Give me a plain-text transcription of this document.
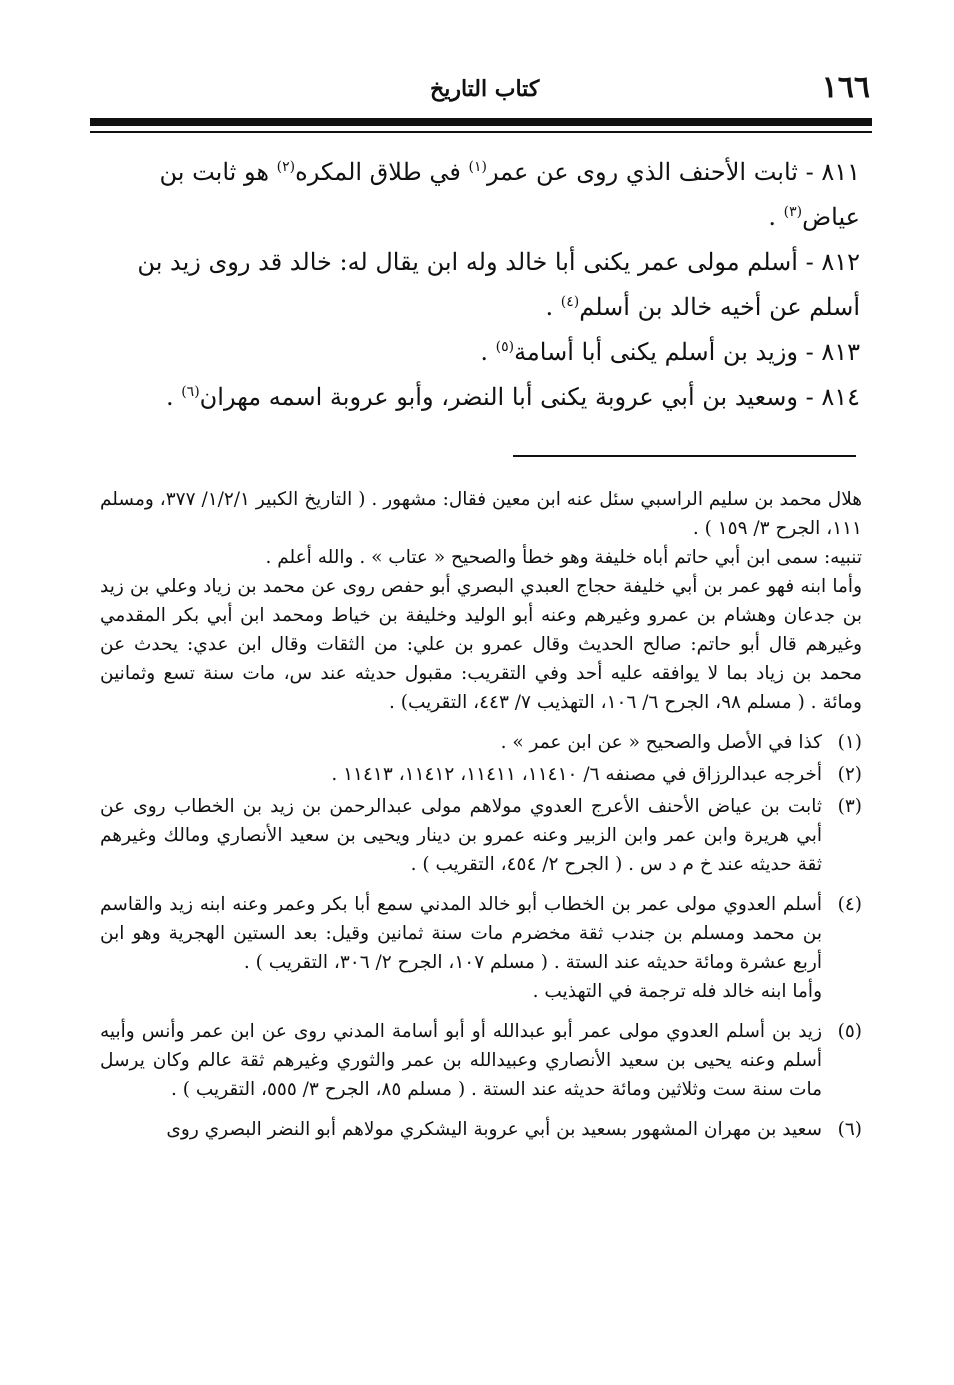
١٦٦
كتاب التاريخ

٨١١ - ثابت الأحنف الذي روى عن عمر$^{(١)}$ في طلاق المكره$^{(٢)}$ هو ثابت بن عياض$^{(٣)}$ .

٨١٢ - أسلم مولى عمر يكنى أبا خالد وله ابن يقال له: خالد قد روى زيد بن أسلم عن أخيه خالد بن أسلم$^{(٤)}$ .

٨١٣ - وزيد بن أسلم يكنى أبا أسامة$^{(٥)}$ .

٨١٤ - وسعيد بن أبي عروبة يكنى أبا النضر، وأبو عروبة اسمه مهران$^{(٦)}$ .

هلال محمد بن سليم الراسبي سئل عنه ابن معين فقال: مشهور . ( التاريخ الكبير ١/٢/١/ ٣٧٧، ومسلم ١١١، الجرح ٣/ ١٥٩ ) .

تنبيه: سمى ابن أبي حاتم أباه خليفة وهو خطأ والصحيح « عتاب » . والله أعلم .

وأما ابنه فهو عمر بن أبي خليفة حجاج العبدي البصري أبو حفص روى عن محمد بن زياد وعلي بن زيد بن جدعان وهشام بن عمرو وغيرهم وعنه أبو الوليد وخليفة بن خياط ومحمد ابن أبي بكر المقدمي وغيرهم قال أبو حاتم: صالح الحديث وقال عمرو بن علي: من الثقات وقال ابن عدي: يحدث عن محمد بن زياد بما لا يوافقه عليه أحد وفي التقريب: مقبول حديثه عند س، مات سنة تسع وثمانين ومائة . ( مسلم ٩٨، الجرح ٦/ ١٠٦، التهذيب ٧/ ٤٤٣، التقريب) .

(١)
كذا في الأصل والصحيح « عن ابن عمر » .
(٢)
أخرجه عبدالرزاق في مصنفه ٦/ ١١٤١٠، ١١٤١١، ١١٤١٢، ١١٤١٣ .
(٣)
ثابت بن عياض الأحنف الأعرج العدوي مولاهم مولى عبدالرحمن بن زيد بن الخطاب روى عن أبي هريرة وابن عمر وابن الزبير وعنه عمرو بن دينار ويحيى بن سعيد الأنصاري ومالك وغيرهم ثقة حديثه عند خ م د س . ( الجرح ٢/ ٤٥٤، التقريب ) .
(٤)
أسلم العدوي مولى عمر بن الخطاب أبو خالد المدني سمع أبا بكر وعمر وعنه ابنه زيد والقاسم بن محمد ومسلم بن جندب ثقة مخضرم مات سنة ثمانين وقيل: بعد الستين الهجرية وهو ابن أربع عشرة ومائة حديثه عند الستة . ( مسلم ١٠٧، الجرح ٢/ ٣٠٦، التقريب ) .
وأما ابنه خالد فله ترجمة في التهذيب .
(٥)
زيد بن أسلم العدوي مولى عمر أبو عبدالله أو أبو أسامة المدني روى عن ابن عمر وأنس وأبيه أسلم وعنه يحيى بن سعيد الأنصاري وعبيدالله بن عمر والثوري وغيرهم ثقة عالم وكان يرسل مات سنة ست وثلاثين ومائة حديثه عند الستة . ( مسلم ٨٥، الجرح ٣/ ٥٥٥، التقريب ) .
(٦)
سعيد بن مهران المشهور بسعيد بن أبي عروبة اليشكري مولاهم أبو النضر البصري روى
